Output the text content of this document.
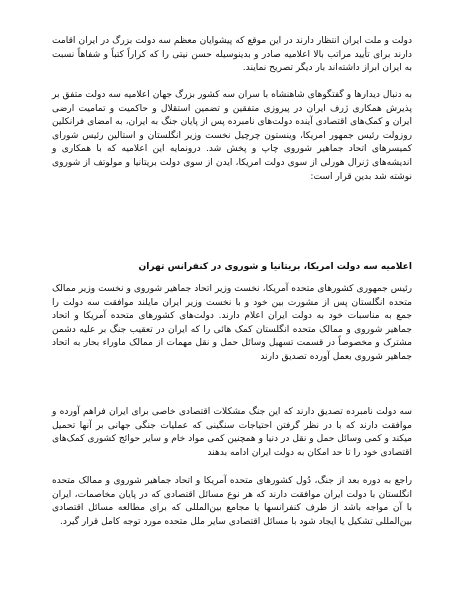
دولت و ملت ایران انتظار دارند در این موقع که پیشوایان معظم سه دولت بزرگ در ایران اقامت دارند برای تأیید مراتب بالا اعلامیه صادر و بدینوسیله حسن نیتی را که کراراً کتباً و شفاهاً نسبت به ایران ابراز داشته‌اند بار دیگر تصریح نمایند.

به دنبال دیدارها و گفتگوهای شاهنشاه با سران سه کشور بزرگ جهان اعلامیه سه دولت متفق بر پذیرش همکاری ژرف ایران در پیروزی متفقین و تضمین استقلال و حاکمیت و تمامیت ارضی ایران و کمک‌های اقتصادی آینده دولت‌های نامبرده پس از پایان جنگ به ایران، به امضای فرانکلین روزولت رئیس جمهور امریکا، وینستون چرچیل نخست وزیر انگلستان و استالین رئیس شورای کمیسرهای اتحاد جماهیر شوروی چاپ و پخش شد. درونمایه این اعلامیه که با همکاری و اندیشه‌های ژنرال هورلی از سوی دولت امریکا، ایدن از سوی دولت بریتانیا و مولوتف از شوروی نوشته شد بدین قرار است:

اعلامیه سه دولت امریکا، بریتانیا و شوروی در کنفرانس تهران

رئیس جمهوری کشورهای متحده آمریکا، نخست وزیر اتحاد جماهیر شوروی و نخست وزیر ممالک متحده انگلستان پس از مشورت بین خود و با نخست وزیر ایران مایلند موافقت سه دولت را جمع به مناسبات خود به دولت ایران اعلام دارند. دولت‌های کشورهای متحده آمریکا و اتحاد جماهیر شوروی و ممالک متحده انگلستان کمک هائی را که ایران در تعقیب جنگ بر علیه دشمن مشترک و مخصوصاً در قسمت تسهیل وسائل حمل و نقل مهمات از ممالک ماوراء بحار به اتحاد جماهیر شوروی بعمل آورده تصدیق دارند

سه دولت نامبرده تصدیق دارند که این جنگ مشکلات اقتصادی خاصی برای ایران فراهم آورده و موافقت دارند که با در نظر گرفتن احتیاجات سنگینی که عملیات جنگی جهانی بر آنها تحمیل میکند و کمی وسائل حمل و نقل در دنیا و همچنین کمی مواد خام و سایر حوائج کشوری کمک‌های اقتصادی خود را تا حد امکان به دولت ایران ادامه بدهند

راجع به دوره بعد از جنگ، دُول کشورهای متحده آمریکا و اتحاد جماهیر شوروی و ممالک متحده انگلستان با دولت ایران موافقت دارند که هر نوع مسائل اقتصادی که در پایان مخاصمات، ایران با آن مواجه باشد از طرف کنفرانسها یا مجامع بین‌المللی که برای مطالعه مسائل اقتصادی بین‌المللی تشکیل یا ایجاد شود با مسائل اقتصادی سایر ملل متحده مورد توجه کامل قرار گیرد.
